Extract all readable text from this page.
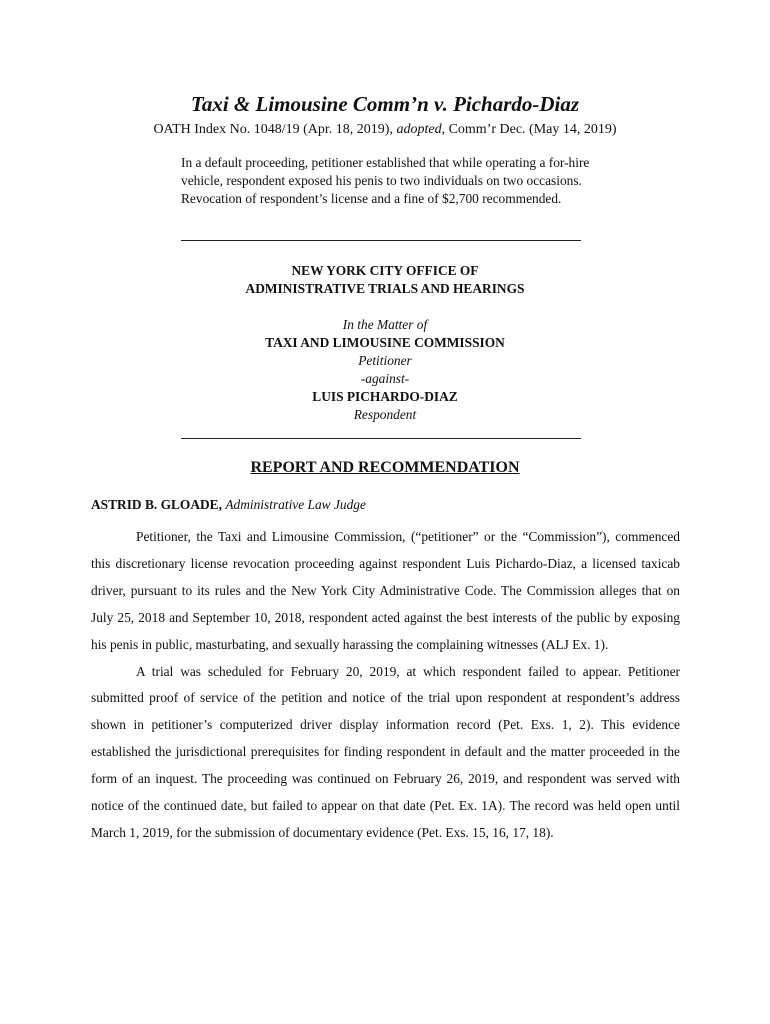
Taxi & Limousine Comm’n v. Pichardo-Diaz
OATH Index No. 1048/19 (Apr. 18, 2019), adopted, Comm’r Dec. (May 14, 2019)
In a default proceeding, petitioner established that while operating a for-hire vehicle, respondent exposed his penis to two individuals on two occasions. Revocation of respondent’s license and a fine of $2,700 recommended.
NEW YORK CITY OFFICE OF
ADMINISTRATIVE TRIALS AND HEARINGS
In the Matter of
TAXI AND LIMOUSINE COMMISSION
Petitioner
-against-
LUIS PICHARDO-DIAZ
Respondent
REPORT AND RECOMMENDATION
ASTRID B. GLOADE, Administrative Law Judge

Petitioner, the Taxi and Limousine Commission, (“petitioner” or the “Commission”), commenced this discretionary license revocation proceeding against respondent Luis Pichardo-Diaz, a licensed taxicab driver, pursuant to its rules and the New York City Administrative Code. The Commission alleges that on July 25, 2018 and September 10, 2018, respondent acted against the best interests of the public by exposing his penis in public, masturbating, and sexually harassing the complaining witnesses (ALJ Ex. 1).

A trial was scheduled for February 20, 2019, at which respondent failed to appear. Petitioner submitted proof of service of the petition and notice of the trial upon respondent at respondent’s address shown in petitioner’s computerized driver display information record (Pet. Exs. 1, 2). This evidence established the jurisdictional prerequisites for finding respondent in default and the matter proceeded in the form of an inquest. The proceeding was continued on February 26, 2019, and respondent was served with notice of the continued date, but failed to appear on that date (Pet. Ex. 1A). The record was held open until March 1, 2019, for the submission of documentary evidence (Pet. Exs. 15, 16, 17, 18).
